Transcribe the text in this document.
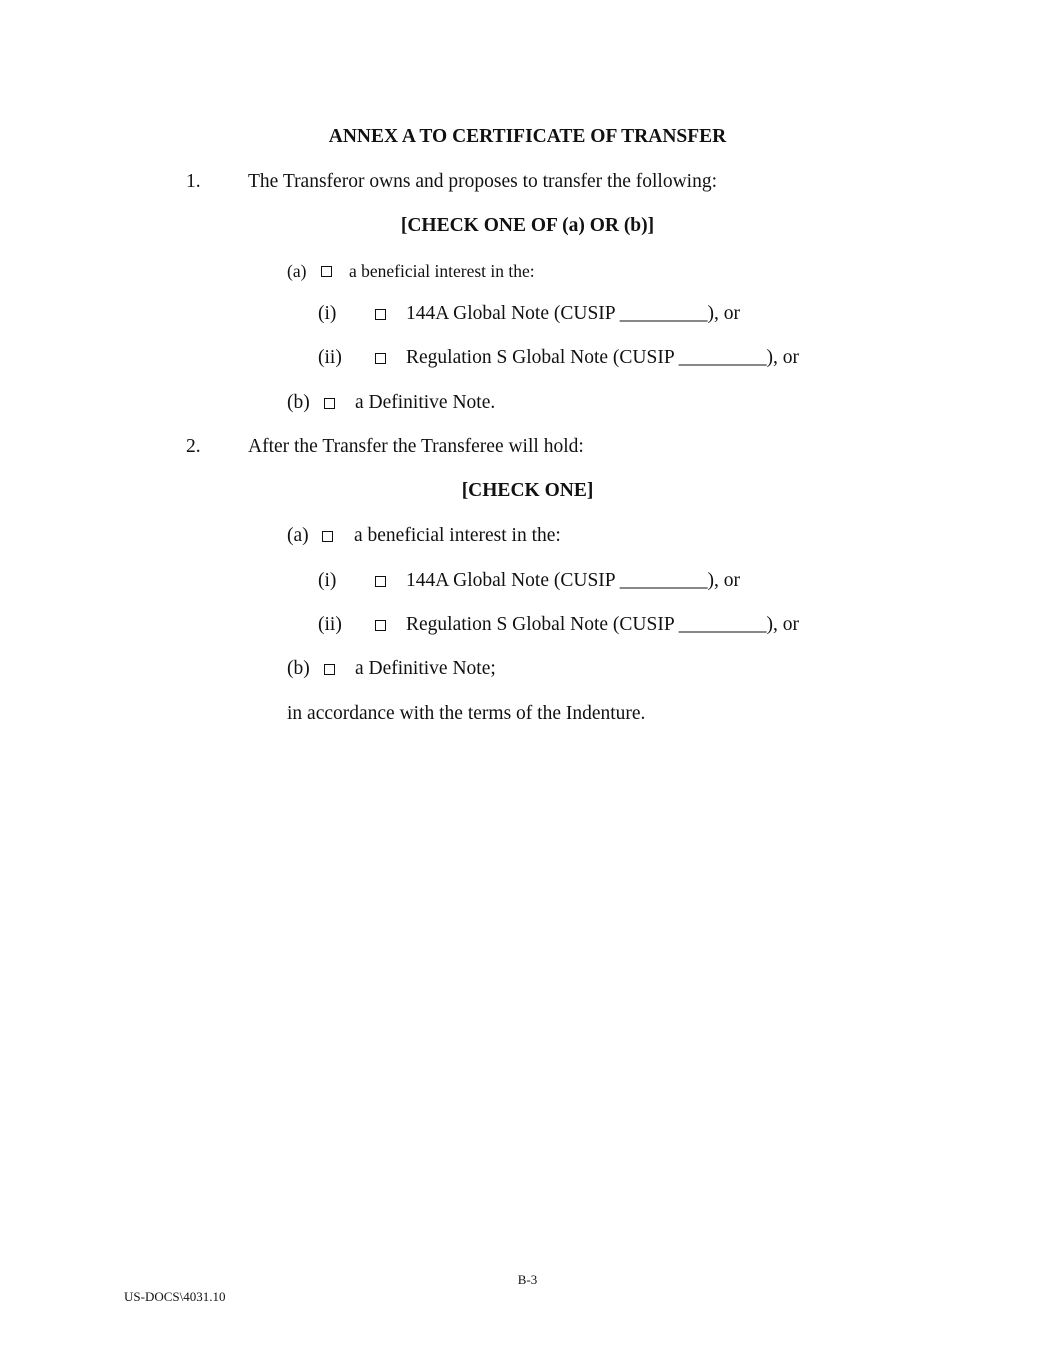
ANNEX A TO CERTIFICATE OF TRANSFER
1. The Transferor owns and proposes to transfer the following:
[CHECK ONE OF (a) OR (b)]
(a) a beneficial interest in the:
(i)	144A Global Note (CUSIP _________), or
(ii)	Regulation S Global Note (CUSIP _________), or
(b) a Definitive Note.
2. After the Transfer the Transferee will hold:
[CHECK ONE]
(a) a beneficial interest in the:
(i)	144A Global Note (CUSIP _________), or
(ii)	Regulation S Global Note (CUSIP _________), or
(b) a Definitive Note;
in accordance with the terms of the Indenture.
B-3
US-DOCS\4031.10
